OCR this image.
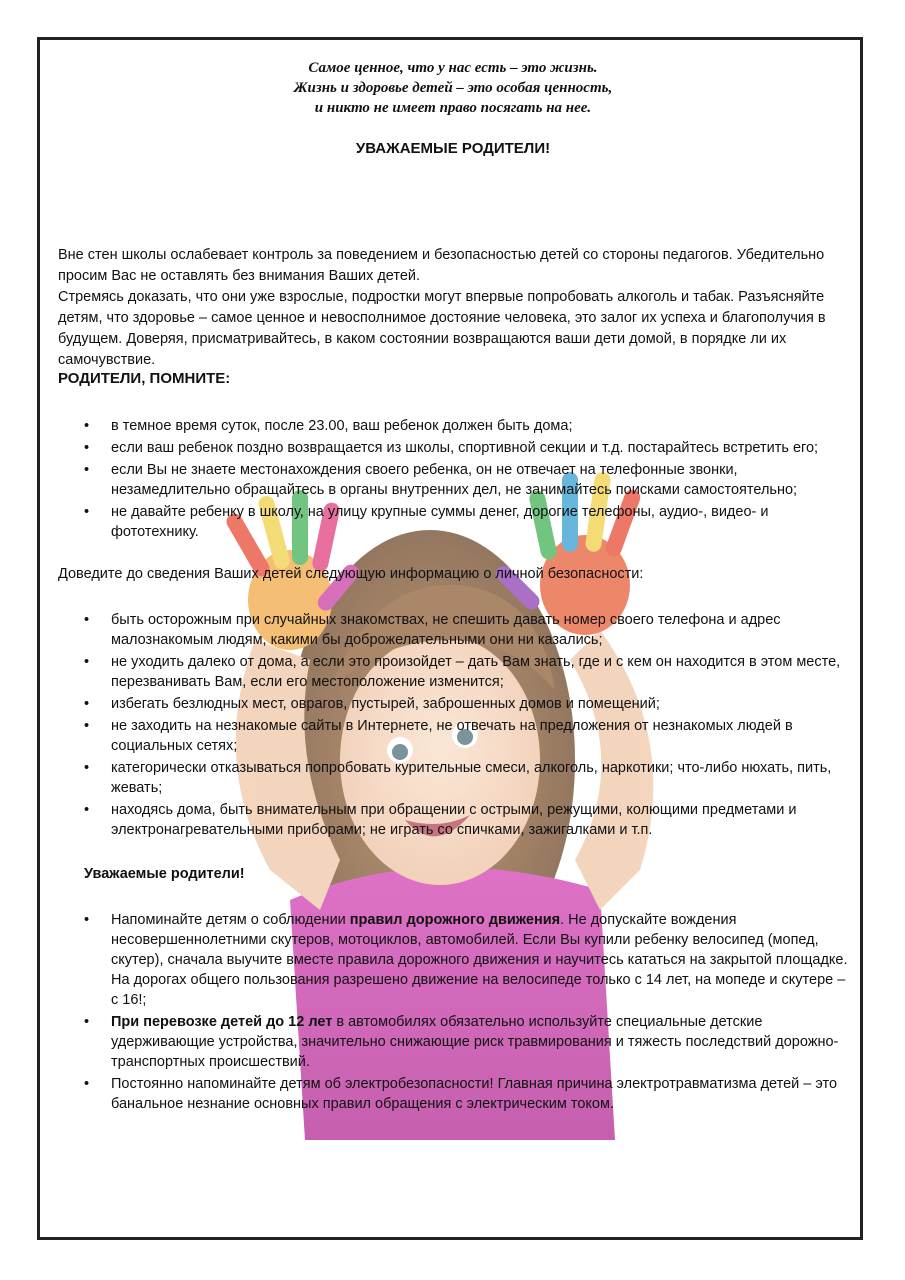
Самое ценное, что у нас есть – это жизнь.
Жизнь и здоровье детей – это особая ценность,
и никто не имеет право посягать на нее.
УВАЖАЕМЫЕ РОДИТЕЛИ!

Вне стен школы ослабевает контроль за поведением и безопасностью детей со стороны педагогов. Убедительно просим Вас не оставлять без внимания Ваших детей.

Стремясь доказать, что они уже взрослые, подростки могут впервые попробовать алкоголь и табак. Разъясняйте детям, что здоровье – самое ценное и невосполнимое достояние человека, это залог их успеха и благополучия в будущем. Доверяя, присматривайтесь, в каком состоянии возвращаются ваши дети домой, в порядке ли их самочувствие.

РОДИТЕЛИ, ПОМНИТЕ:
• в темное время суток, после 23.00, ваш ребенок должен быть дома;
• если ваш ребенок поздно возвращается из школы, спортивной секции и т.д. постарайтесь встретить его;
• если Вы не знаете местонахождения своего ребенка, он не отвечает на телефонные звонки, незамедлительно обращайтесь в органы внутренних дел, не занимайтесь поисками самостоятельно;
• не давайте ребенку в школу, на улицу крупные суммы денег, дорогие телефоны, аудио-, видео- и фототехнику.
Доведите до сведения Ваших детей следующую информацию о личной безопасности:
• быть осторожным при случайных знакомствах, не спешить давать номер своего телефона и адрес малознакомым людям, какими бы доброжелательными они ни казались;
• не уходить далеко от дома, а если это произойдет – дать Вам знать, где и с кем он находится в этом месте, перезванивать Вам, если его местоположение изменится;
• избегать безлюдных мест, оврагов, пустырей, заброшенных домов и помещений;
• не заходить на незнакомые сайты в Интернете, не отвечать на предложения от незнакомых людей в социальных сетях;
• категорически отказываться попробовать курительные смеси, алкоголь, наркотики; что-либо нюхать, пить, жевать;
• находясь дома, быть внимательным при обращении с острыми, режущими, колющими предметами и электронагревательными приборами; не играть со спичками, зажигалками и т.п.
Уважаемые родители!
• Напоминайте детям о соблюдении правил дорожного движения. Не допускайте вождения несовершеннолетними скутеров, мотоциклов, автомобилей. Если Вы купили ребенку велосипед (мопед, скутер), сначала выучите вместе правила дорожного движения и научитесь кататься на закрытой площадке. На дорогах общего пользования разрешено движение на велосипеде только с 14 лет, на мопеде и скутере – с 16!;
• При перевозке детей до 12 лет в автомобилях обязательно используйте специальные детские удерживающие устройства, значительно снижающие риск травмирования и тяжесть последствий дорожно-транспортных происшествий.
• Постоянно напоминайте детям об электробезопасности! Главная причина электротравматизма детей – это банальное незнание основных правил обращения с электрическим током.
